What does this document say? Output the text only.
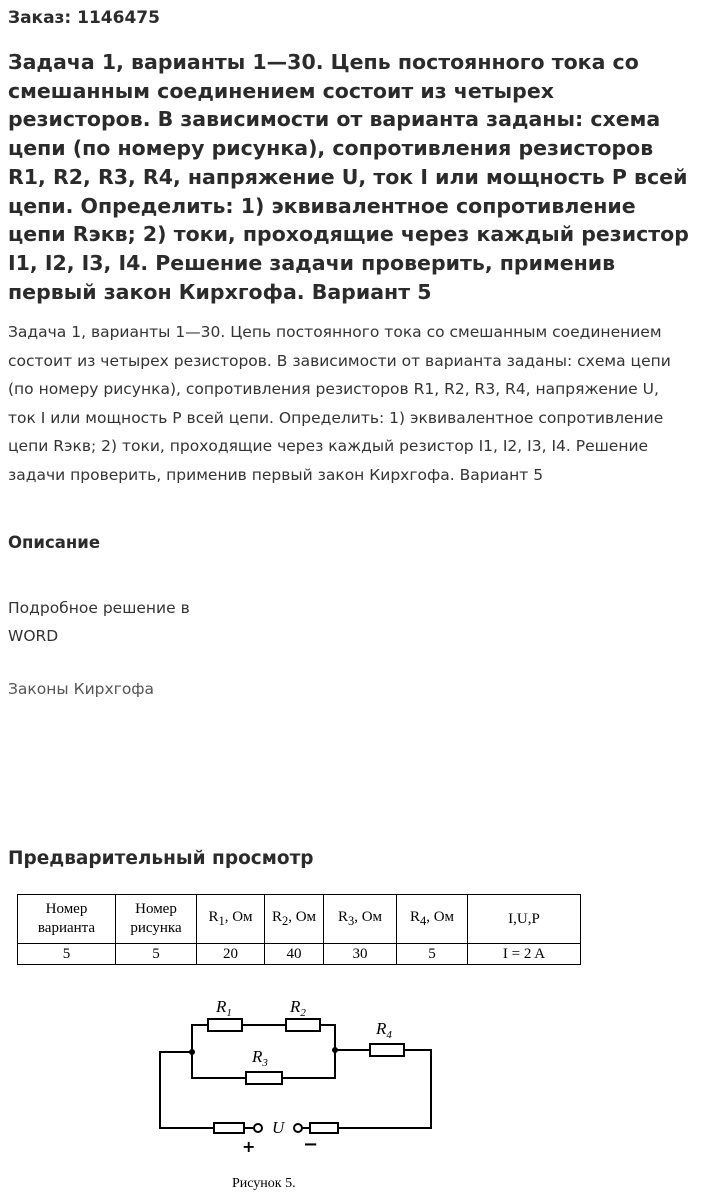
Заказ: 1146475

Задача 1, варианты 1—30. Цепь постоянного тока со смешанным соединением состоит из четырех резисторов. В зависимости от варианта заданы: схема цепи (по номеру рисунка), сопротивления резисторов R1, R2, R3, R4, напряжение U, ток I или мощность P всей цепи. Определить: 1) эквивалентное сопротивление цепи Rэкв; 2) токи, проходящие через каждый резистор I1, I2, I3, I4. Решение задачи проверить, применив первый закон Кирхгофа. Вариант 5

Задача 1, варианты 1—30. Цепь постоянного тока со смешанным соединением состоит из четырех резисторов. В зависимости от варианта заданы: схема цепи (по номеру рисунка), сопротивления резисторов R1, R2, R3, R4, напряжение U, ток I или мощность P всей цепи. Определить: 1) эквивалентное сопротивление цепи Rэкв; 2) токи, проходящие через каждый резистор I1, I2, I3, I4. Решение задачи проверить, применив первый закон Кирхгофа. Вариант 5

Описание

Подробное решение в WORD

Законы Кирхгофа
Предварительный просмотр
Номер варианта	Номер рисунка	$R_1$, Ом	$R_2$, Ом	$R_3$, Ом	$R_4$, Ом	I,U,P
5	5	20	40	30	5	I = 2 A
$R_1$	$R_2$
$R_3$
$R_4$
U
+	−

Рисунок 5.
